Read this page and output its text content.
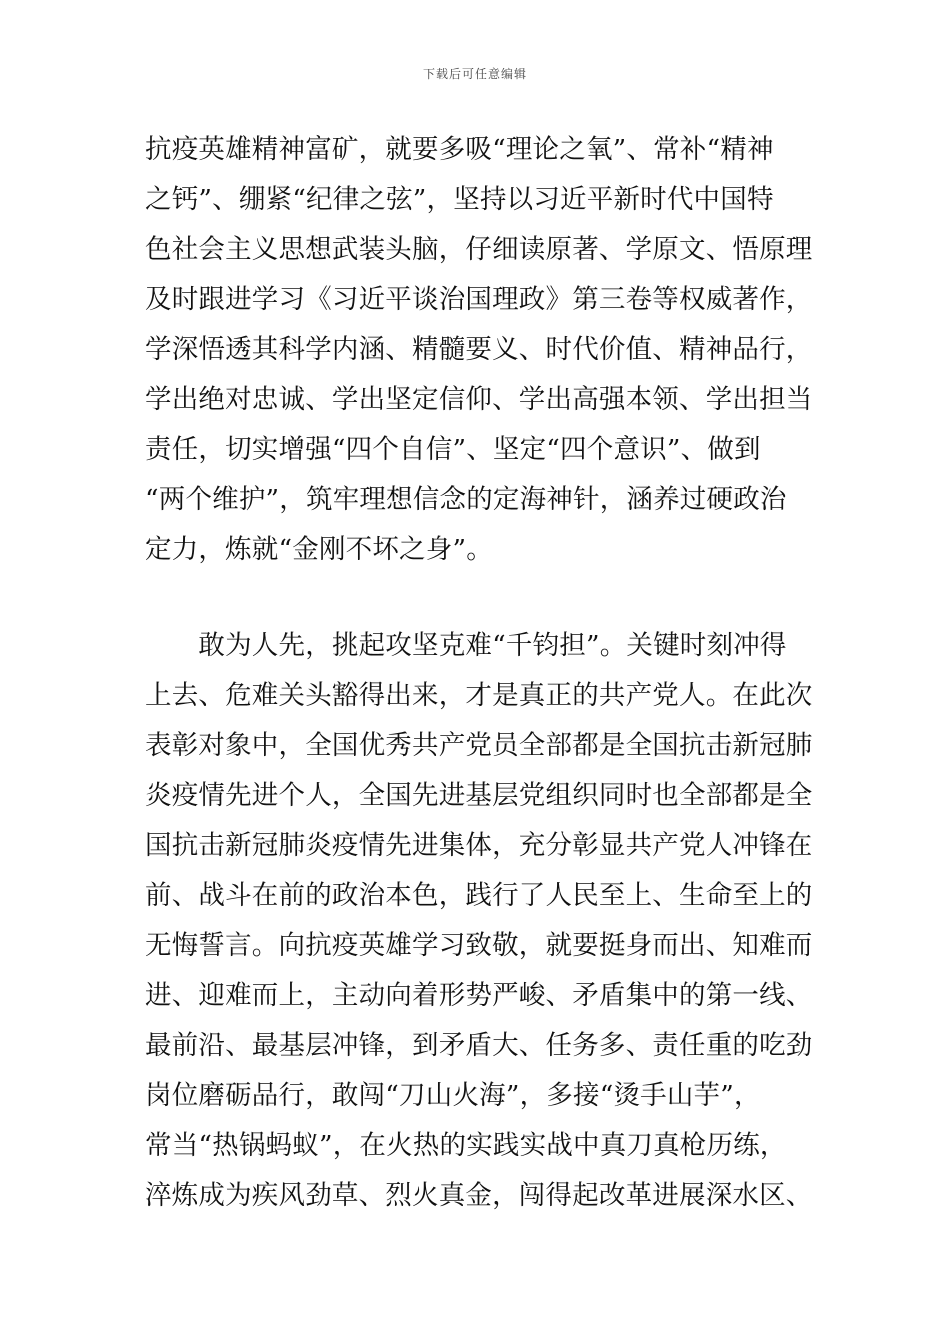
下载后可任意编辑
抗疫英雄精神富矿，就要多吸“理论之氧”、常补“精神
之钙”、绷紧“纪律之弦”，坚持以习近平新时代中国特
色社会主义思想武装头脑，仔细读原著、学原文、悟原理
及时跟进学习《习近平谈治国理政》第三卷等权威著作，
学深悟透其科学内涵、精髓要义、时代价值、精神品行，
学出绝对忠诚、学出坚定信仰、学出高强本领、学出担当
责任，切实增强“四个自信”、坚定“四个意识”、做到
“两个维护”，筑牢理想信念的定海神针，涵养过硬政治
定力，炼就“金刚不坏之身”。
　　敢为人先，挑起攻坚克难“千钧担”。关键时刻冲得
上去、危难关头豁得出来，才是真正的共产党人。在此次
表彰对象中，全国优秀共产党员全部都是全国抗击新冠肺
炎疫情先进个人，全国先进基层党组织同时也全部都是全
国抗击新冠肺炎疫情先进集体，充分彰显共产党人冲锋在
前、战斗在前的政治本色，践行了人民至上、生命至上的
无悔誓言。向抗疫英雄学习致敬，就要挺身而出、知难而
进、迎难而上，主动向着形势严峻、矛盾集中的第一线、
最前沿、最基层冲锋，到矛盾大、任务多、责任重的吃劲
岗位磨砺品行，敢闯“刀山火海”，多接“烫手山芋”，
常当“热锅蚂蚁”，在火热的实践实战中真刀真枪历练，
淬炼成为疾风劲草、烈火真金，闯得起改革进展深水区、
